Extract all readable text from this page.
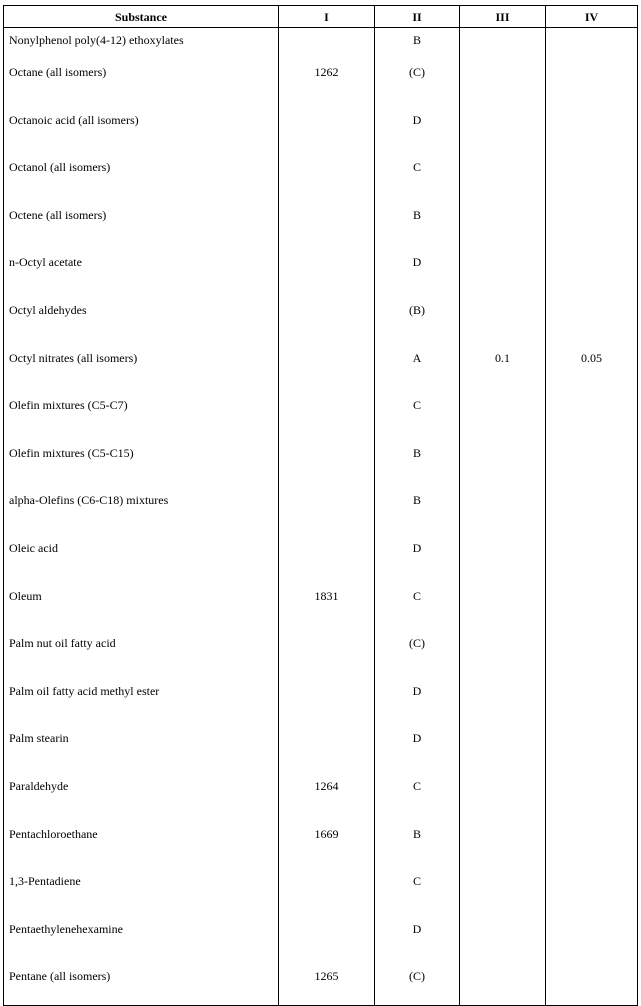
Substance	I	II	III	IV
Nonylphenol poly(4-12) ethoxylates		B		
Octane (all isomers)	1262	(C)		
Octanoic acid (all isomers)		D		
Octanol (all isomers)		C		
Octene (all isomers)		B		
n-Octyl acetate		D		
Octyl aldehydes		(B)		
Octyl nitrates (all isomers)		A	0.1	0.05
Olefin mixtures (C5-C7)		C		
Olefin mixtures (C5-C15)		B		
alpha-Olefins (C6-C18) mixtures		B		
Oleic acid		D		
Oleum	1831	C		
Palm nut oil fatty acid		(C)		
Palm oil fatty acid methyl ester		D		
Palm stearin		D		
Paraldehyde	1264	C		
Pentachloroethane	1669	B		
1,3-Pentadiene		C		
Pentaethylenehexamine		D		
Pentane (all isomers)	1265	(C)		
